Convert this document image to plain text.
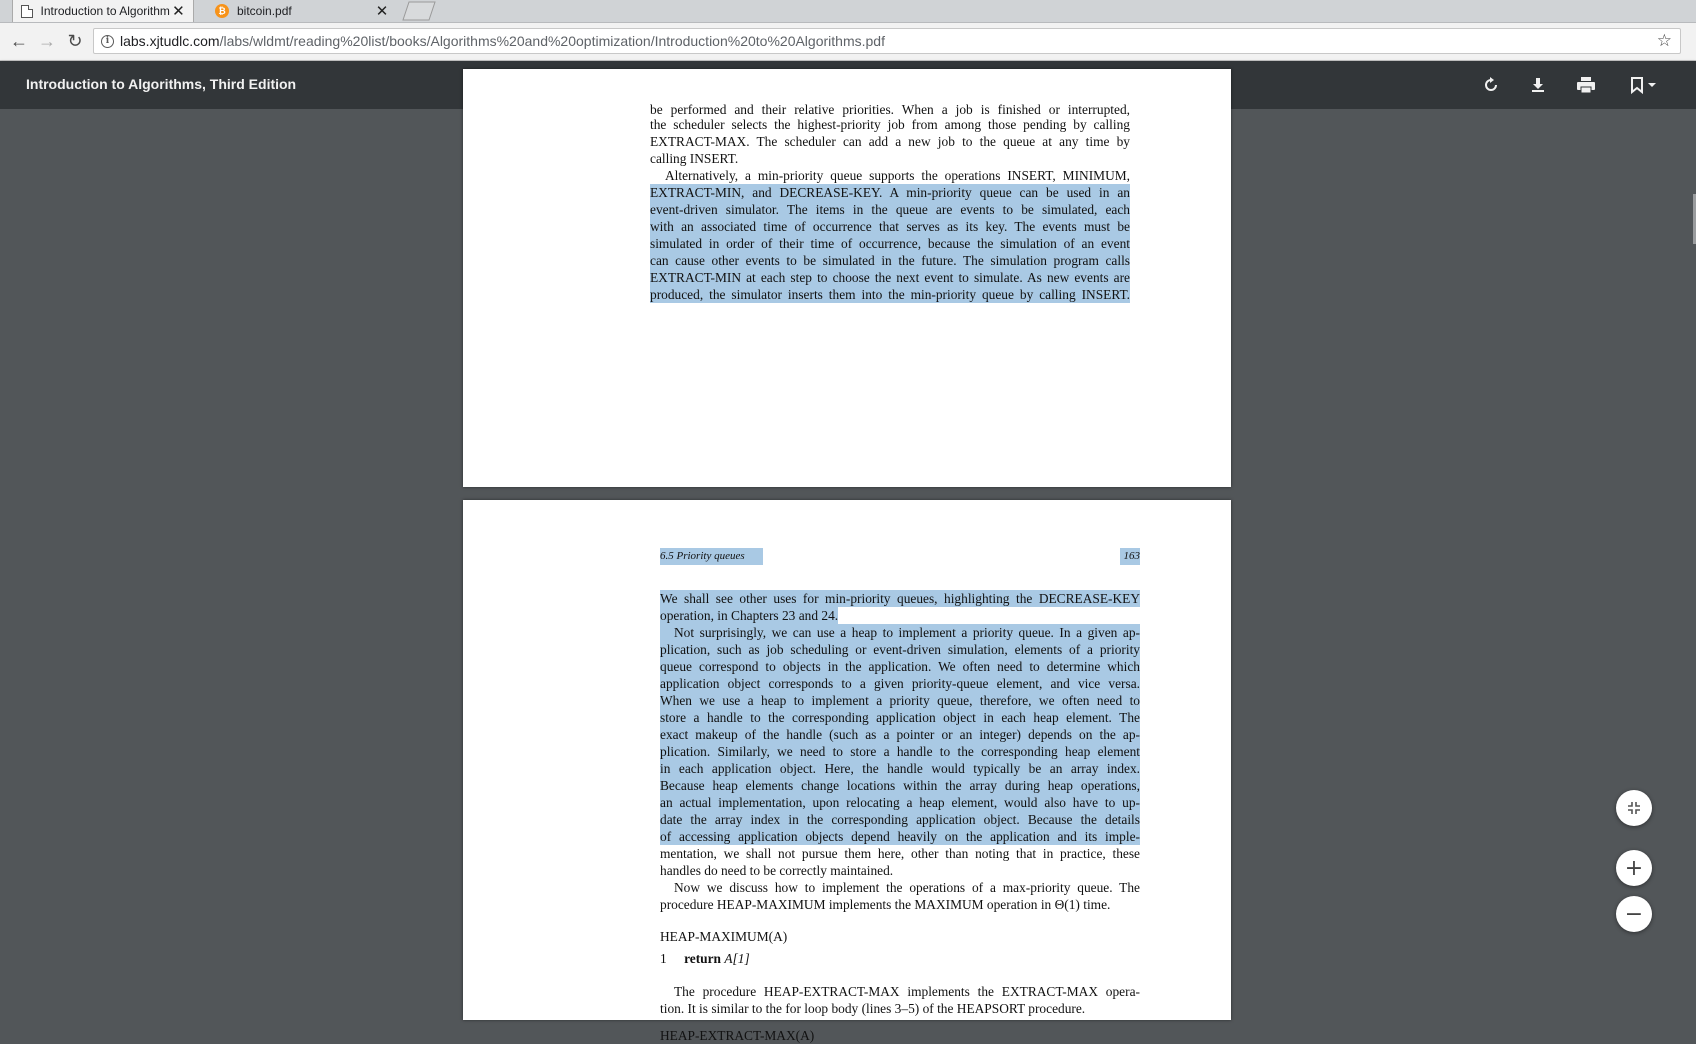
Introduction to Algorithm ✕	₿ bitcoin.pdf	✕
← → ↻	i labs.xjtudlc.com/labs/wldmt/reading%20list/books/Algorithms%20and%20optimization/Introduction%20to%20Algorithms.pdf	☆
Introduction to Algorithms, Third Edition
be performed and their relative priorities. When a job is finished or interrupted,
the scheduler selects the highest-priority job from among those pending by calling
EXTRACT-MAX. The scheduler can add a new job to the queue at any time by
calling INSERT.
Alternatively, a min-priority queue supports the operations INSERT, MINIMUM,
EXTRACT-MIN, and DECREASE-KEY. A min-priority queue can be used in an
event-driven simulator. The items in the queue are events to be simulated, each
with an associated time of occurrence that serves as its key. The events must be
simulated in order of their time of occurrence, because the simulation of an event
can cause other events to be simulated in the future. The simulation program calls
EXTRACT-MIN at each step to choose the next event to simulate. As new events are
produced, the simulator inserts them into the min-priority queue by calling INSERT.
6.5 Priority queues	163
We shall see other uses for min-priority queues, highlighting the DECREASE-KEY
operation, in Chapters 23 and 24.
Not surprisingly, we can use a heap to implement a priority queue. In a given ap-
plication, such as job scheduling or event-driven simulation, elements of a priority
queue correspond to objects in the application. We often need to determine which
application object corresponds to a given priority-queue element, and vice versa.
When we use a heap to implement a priority queue, therefore, we often need to
store a handle to the corresponding application object in each heap element. The
exact makeup of the handle (such as a pointer or an integer) depends on the ap-
plication. Similarly, we need to store a handle to the corresponding heap element
in each application object. Here, the handle would typically be an array index.
Because heap elements change locations within the array during heap operations,
an actual implementation, upon relocating a heap element, would also have to up-
date the array index in the corresponding application object. Because the details
of accessing application objects depend heavily on the application and its imple-
mentation, we shall not pursue them here, other than noting that in practice, these
handles do need to be correctly maintained.
Now we discuss how to implement the operations of a max-priority queue. The
procedure HEAP-MAXIMUM implements the MAXIMUM operation in Θ(1) time.
HEAP-MAXIMUM(A)
1 return A[1]
The procedure HEAP-EXTRACT-MAX implements the EXTRACT-MAX opera-
tion. It is similar to the for loop body (lines 3–5) of the HEAPSORT procedure.
HEAP-EXTRACT-MAX(A)
+
−
